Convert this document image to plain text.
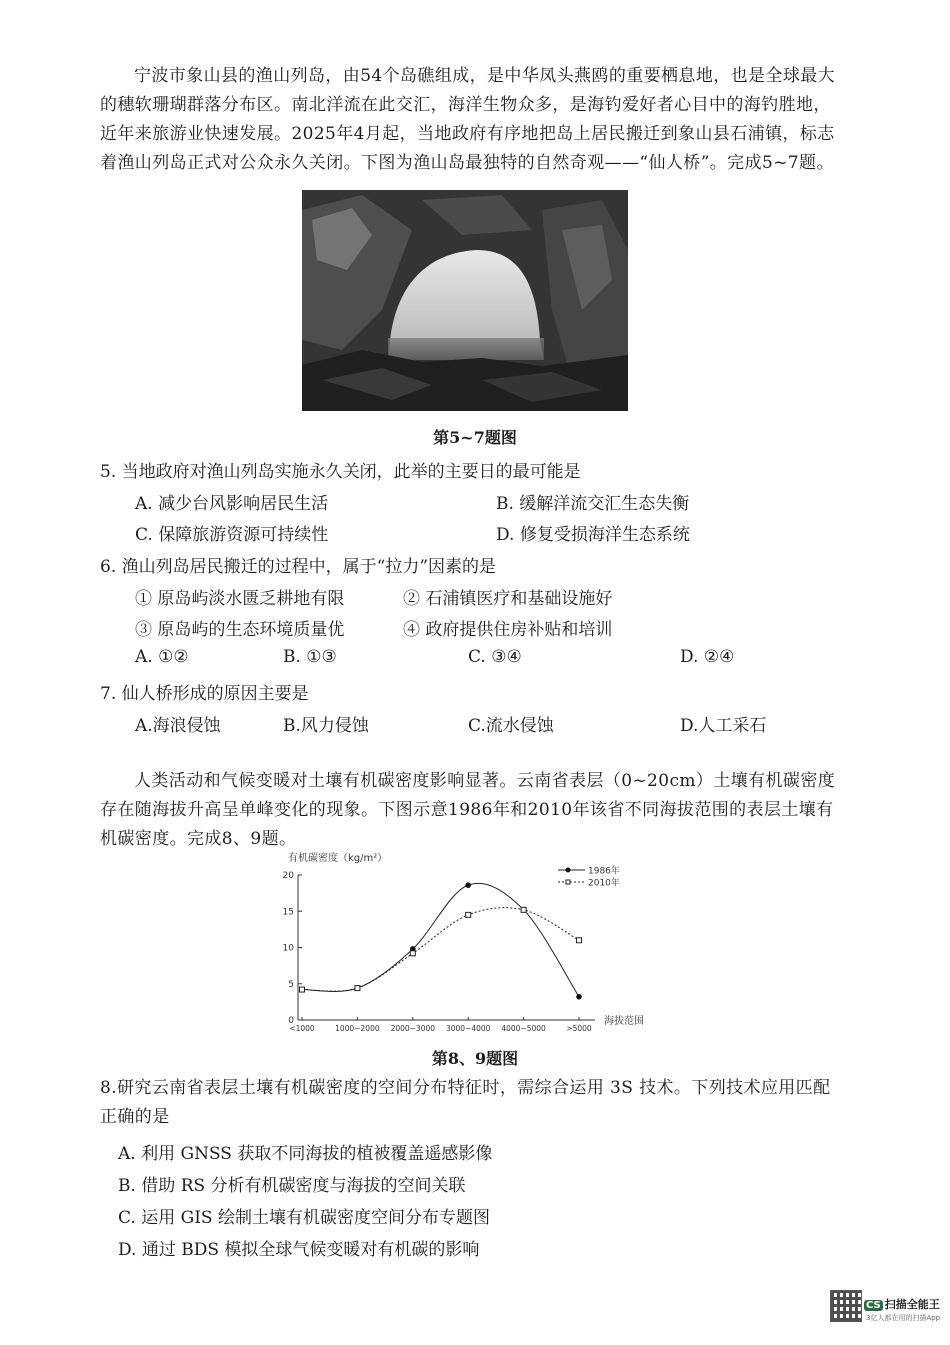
宁波市象山县的渔山列岛，由54个岛礁组成，是中华凤头燕鸥的重要栖息地，也是全球最大的穗软珊瑚群落分布区。南北洋流在此交汇，海洋生物众多，是海钓爱好者心目中的海钓胜地，近年来旅游业快速发展。2025年4月起，当地政府有序地把岛上居民搬迁到象山县石浦镇，标志着渔山列岛正式对公众永久关闭。下图为渔山岛最独特的自然奇观——“仙人桥”。完成5~7题。

第5~7题图

5. 当地政府对渔山列岛实施永久关闭，此举的主要日的最可能是

A. 减少台风影响居民生活	B. 缓解洋流交汇生态失衡

C. 保障旅游资源可持续性	D. 修复受损海洋生态系统

6. 渔山列岛居民搬迁的过程中，属于“拉力”因素的是

① 原岛屿淡水匮乏耕地有限	② 石浦镇医疗和基础设施好

③ 原岛屿的生态环境质量优	④ 政府提供住房补贴和培训

A. ①②	B. ①③	C. ③④	D. ②④

7. 仙人桥形成的原因主要是

A.海浪侵蚀	B.风力侵蚀	C.流水侵蚀	D.人工采石

人类活动和气候变暖对土壤有机碳密度影响显著。云南省表层（0~20cm）土壤有机碳密度存在随海拔升高呈单峰变化的现象。下图示意1986年和2010年该省不同海拔范围的表层土壤有机碳密度。完成8、9题。

有机碳密度（kg/m²）
海拔范围
0
5
10
15
20
<1000	1000~2000 2000~3000 3000~4000 4000~5000	>5000
1986年
2010年

第8、9题图

8.研究云南省表层土壤有机碳密度的空间分布特征时，需综合运用 3S 技术。下列技术应用匹配正确的是

A. 利用 GNSS 获取不同海拔的植被覆盖遥感影像

B. 借助 RS 分析有机碳密度与海拔的空间关联

C. 运用 GIS 绘制土壤有机碳密度空间分布专题图

D. 通过 BDS 模拟全球气候变暖对有机碳的影响

CS 扫描全能王
3亿人都在用的扫描App
